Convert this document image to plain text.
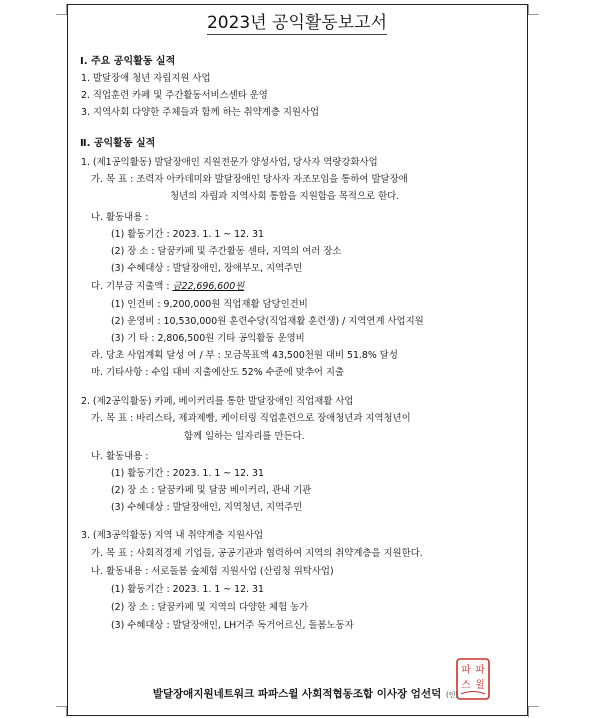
2023년 공익활동보고서
Ⅰ. 주요 공익활동 실적
1. 발달장애 청년 자립지원 사업
2. 직업훈련 카페 및 주간활동서비스센타 운영
3. 지역사회 다양한 주체들과 함께 하는 취약계층 지원사업
Ⅱ. 공익활동 실적
1. (제1공익활동) 발달장애인 지원전문가 양성사업, 당사자 역량강화사업
가. 목 표 : 조력자 아카데미와 발달장애인 당사자 자조모임을 통하여 발달장애
청년의 자립과 지역사회 통합을 지원함을 목적으로 한다.
나. 활동내용 :
(1) 활동기간 : 2023. 1. 1 ~ 12. 31
(2) 장 소 : 달꿈카페 및 주간활동 센타, 지역의 여러 장소
(3) 수혜대상 : 발달장애인, 장애부모, 지역주민
다. 기부금 지출액 : 금22,696,600원
(1) 인건비 : 9,200,000원 직업재활 담당인건비
(2) 운영비 : 10,530,000원 훈련수당(직업재활 훈련생) / 지역연계 사업지원
(3) 기 타 : 2,806,500원 기타 공익활동 운영비
라. 당초 사업계획 달성 여 / 부 : 모금목표액 43,500천원 대비 51.8% 달성
마. 기타사항 : 수입 대비 지출예산도 52% 수준에 맞추어 지출
2. (제2공익활동) 카페, 베이커리를 통한 발달장애인 직업재활 사업
가. 목 표 : 바리스타, 제과제빵, 케이터링 직업훈련으로 장애청년과 지역청년이
함께 일하는 일자리를 만든다.
나. 활동내용 :
(1) 활동기간 : 2023. 1. 1 ~ 12. 31
(2) 장 소 : 달꿈카페 및 달꿈 베이커리, 관내 기관
(3) 수혜대상 : 발달장애인, 지역청년, 지역주민
3. (제3공익활동) 지역 내 취약계층 지원사업
가. 목 표 : 사회적경제 기업들, 공공기관과 협력하여 지역의 취약계층을 지원한다.
나. 활동내용 : 서로돌봄 숲체험 지원사업 (산림청 위탁사업)
(1) 활동기간 : 2023. 1. 1 ~ 12. 31
(2) 장 소 : 달꿈카페 및 지역의 다양한 체험 농가
(3) 수혜대상 : 발달장애인, LH거주 독거어르신, 돌봄노동자
발달장애지원네트워크 파파스윌 사회적협동조합 이사장 엄선덕
파 파
스 윌
(인)
